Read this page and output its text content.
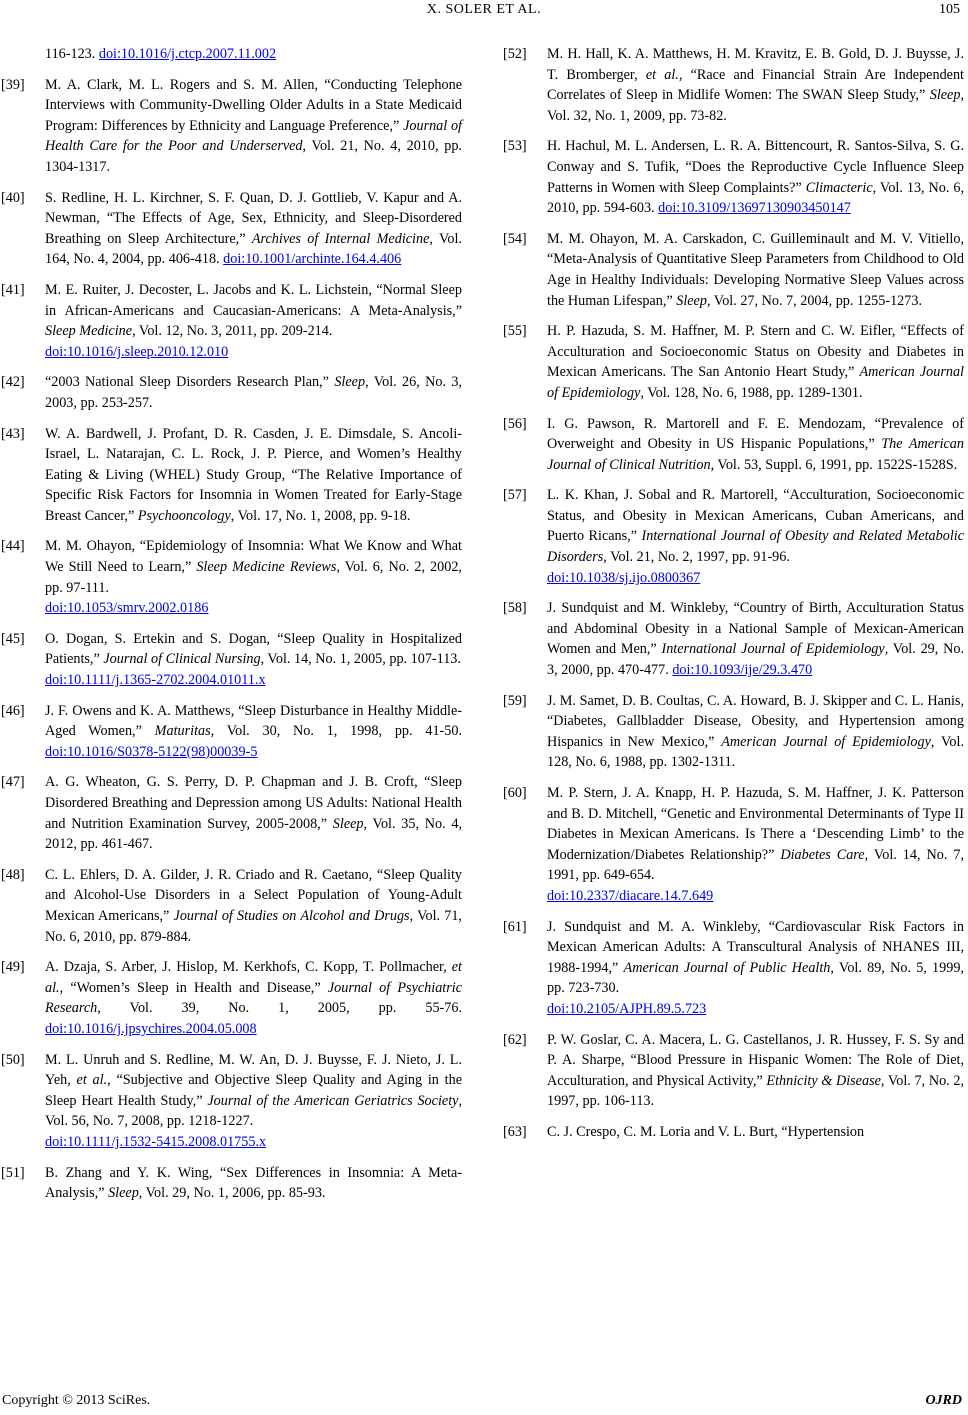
X. SOLER ET AL.	105
116-123. doi:10.1016/j.ctcp.2007.11.002
[39] M. A. Clark, M. L. Rogers and S. M. Allen, “Conducting Telephone Interviews with Community-Dwelling Older Adults in a State Medicaid Program: Differences by Ethnicity and Language Preference,” Journal of Health Care for the Poor and Underserved, Vol. 21, No. 4, 2010, pp. 1304-1317.
[40] S. Redline, H. L. Kirchner, S. F. Quan, D. J. Gottlieb, V. Kapur and A. Newman, “The Effects of Age, Sex, Ethnicity, and Sleep-Disordered Breathing on Sleep Architecture,” Archives of Internal Medicine, Vol. 164, No. 4, 2004, pp. 406-418. doi:10.1001/archinte.164.4.406
[41] M. E. Ruiter, J. Decoster, L. Jacobs and K. L. Lichstein, “Normal Sleep in African-Americans and Caucasian-Americans: A Meta-Analysis,” Sleep Medicine, Vol. 12, No. 3, 2011, pp. 209-214.
doi:10.1016/j.sleep.2010.12.010
[42] “2003 National Sleep Disorders Research Plan,” Sleep, Vol. 26, No. 3, 2003, pp. 253-257.
[43] W. A. Bardwell, J. Profant, D. R. Casden, J. E. Dimsdale, S. Ancoli-Israel, L. Natarajan, C. L. Rock, J. P. Pierce, and Women’s Healthy Eating & Living (WHEL) Study Group, “The Relative Importance of Specific Risk Factors for Insomnia in Women Treated for Early-Stage Breast Cancer,” Psychooncology, Vol. 17, No. 1, 2008, pp. 9-18.
[44] M. M. Ohayon, “Epidemiology of Insomnia: What We Know and What We Still Need to Learn,” Sleep Medicine Reviews, Vol. 6, No. 2, 2002, pp. 97-111.
doi:10.1053/smrv.2002.0186
[45] O. Dogan, S. Ertekin and S. Dogan, “Sleep Quality in Hospitalized Patients,” Journal of Clinical Nursing, Vol. 14, No. 1, 2005, pp. 107-113.
doi:10.1111/j.1365-2702.2004.01011.x
[46] J. F. Owens and K. A. Matthews, “Sleep Disturbance in Healthy Middle-Aged Women,” Maturitas, Vol. 30, No. 1, 1998, pp. 41-50. doi:10.1016/S0378-5122(98)00039-5
[47] A. G. Wheaton, G. S. Perry, D. P. Chapman and J. B. Croft, “Sleep Disordered Breathing and Depression among US Adults: National Health and Nutrition Examination Survey, 2005-2008,” Sleep, Vol. 35, No. 4, 2012, pp. 461-467.
[48] C. L. Ehlers, D. A. Gilder, J. R. Criado and R. Caetano, “Sleep Quality and Alcohol-Use Disorders in a Select Population of Young-Adult Mexican Americans,” Journal of Studies on Alcohol and Drugs, Vol. 71, No. 6, 2010, pp. 879-884.
[49] A. Dzaja, S. Arber, J. Hislop, M. Kerkhofs, C. Kopp, T. Pollmacher, et al., “Women’s Sleep in Health and Disease,” Journal of Psychiatric Research, Vol. 39, No. 1, 2005, pp. 55-76. doi:10.1016/j.jpsychires.2004.05.008
[50] M. L. Unruh and S. Redline, M. W. An, D. J. Buysse, F. J. Nieto, J. L. Yeh, et al., “Subjective and Objective Sleep Quality and Aging in the Sleep Heart Health Study,” Journal of the American Geriatrics Society, Vol. 56, No. 7, 2008, pp. 1218-1227.
doi:10.1111/j.1532-5415.2008.01755.x
[51] B. Zhang and Y. K. Wing, “Sex Differences in Insomnia: A Meta-Analysis,” Sleep, Vol. 29, No. 1, 2006, pp. 85-93.
[52] M. H. Hall, K. A. Matthews, H. M. Kravitz, E. B. Gold, D. J. Buysse, J. T. Bromberger, et al., “Race and Financial Strain Are Independent Correlates of Sleep in Midlife Women: The SWAN Sleep Study,” Sleep, Vol. 32, No. 1, 2009, pp. 73-82.
[53] H. Hachul, M. L. Andersen, L. R. A. Bittencourt, R. Santos-Silva, S. G. Conway and S. Tufik, “Does the Reproductive Cycle Influence Sleep Patterns in Women with Sleep Complaints?” Climacteric, Vol. 13, No. 6, 2010, pp. 594-603. doi:10.3109/13697130903450147
[54] M. M. Ohayon, M. A. Carskadon, C. Guilleminault and M. V. Vitiello, “Meta-Analysis of Quantitative Sleep Parameters from Childhood to Old Age in Healthy Individuals: Developing Normative Sleep Values across the Human Lifespan,” Sleep, Vol. 27, No. 7, 2004, pp. 1255-1273.
[55] H. P. Hazuda, S. M. Haffner, M. P. Stern and C. W. Eifler, “Effects of Acculturation and Socioeconomic Status on Obesity and Diabetes in Mexican Americans. The San Antonio Heart Study,” American Journal of Epidemiology, Vol. 128, No. 6, 1988, pp. 1289-1301.
[56] I. G. Pawson, R. Martorell and F. E. Mendozam, “Prevalence of Overweight and Obesity in US Hispanic Populations,” The American Journal of Clinical Nutrition, Vol. 53, Suppl. 6, 1991, pp. 1522S-1528S.
[57] L. K. Khan, J. Sobal and R. Martorell, “Acculturation, Socioeconomic Status, and Obesity in Mexican Americans, Cuban Americans, and Puerto Ricans,” International Journal of Obesity and Related Metabolic Disorders, Vol. 21, No. 2, 1997, pp. 91-96.
doi:10.1038/sj.ijo.0800367
[58] J. Sundquist and M. Winkleby, “Country of Birth, Acculturation Status and Abdominal Obesity in a National Sample of Mexican-American Women and Men,” International Journal of Epidemiology, Vol. 29, No. 3, 2000, pp. 470-477. doi:10.1093/ije/29.3.470
[59] J. M. Samet, D. B. Coultas, C. A. Howard, B. J. Skipper and C. L. Hanis, “Diabetes, Gallbladder Disease, Obesity, and Hypertension among Hispanics in New Mexico,” American Journal of Epidemiology, Vol. 128, No. 6, 1988, pp. 1302-1311.
[60] M. P. Stern, J. A. Knapp, H. P. Hazuda, S. M. Haffner, J. K. Patterson and B. D. Mitchell, “Genetic and Environmental Determinants of Type II Diabetes in Mexican Americans. Is There a ‘Descending Limb’ to the Modernization/Diabetes Relationship?” Diabetes Care, Vol. 14, No. 7, 1991, pp. 649-654.
doi:10.2337/diacare.14.7.649
[61] J. Sundquist and M. A. Winkleby, “Cardiovascular Risk Factors in Mexican American Adults: A Transcultural Analysis of NHANES III, 1988-1994,” American Journal of Public Health, Vol. 89, No. 5, 1999, pp. 723-730.
doi:10.2105/AJPH.89.5.723
[62] P. W. Goslar, C. A. Macera, L. G. Castellanos, J. R. Hussey, F. S. Sy and P. A. Sharpe, “Blood Pressure in Hispanic Women: The Role of Diet, Acculturation, and Physical Activity,” Ethnicity & Disease, Vol. 7, No. 2, 1997, pp. 106-113.
[63] C. J. Crespo, C. M. Loria and V. L. Burt, “Hypertension
Copyright © 2013 SciRes.	OJRD
